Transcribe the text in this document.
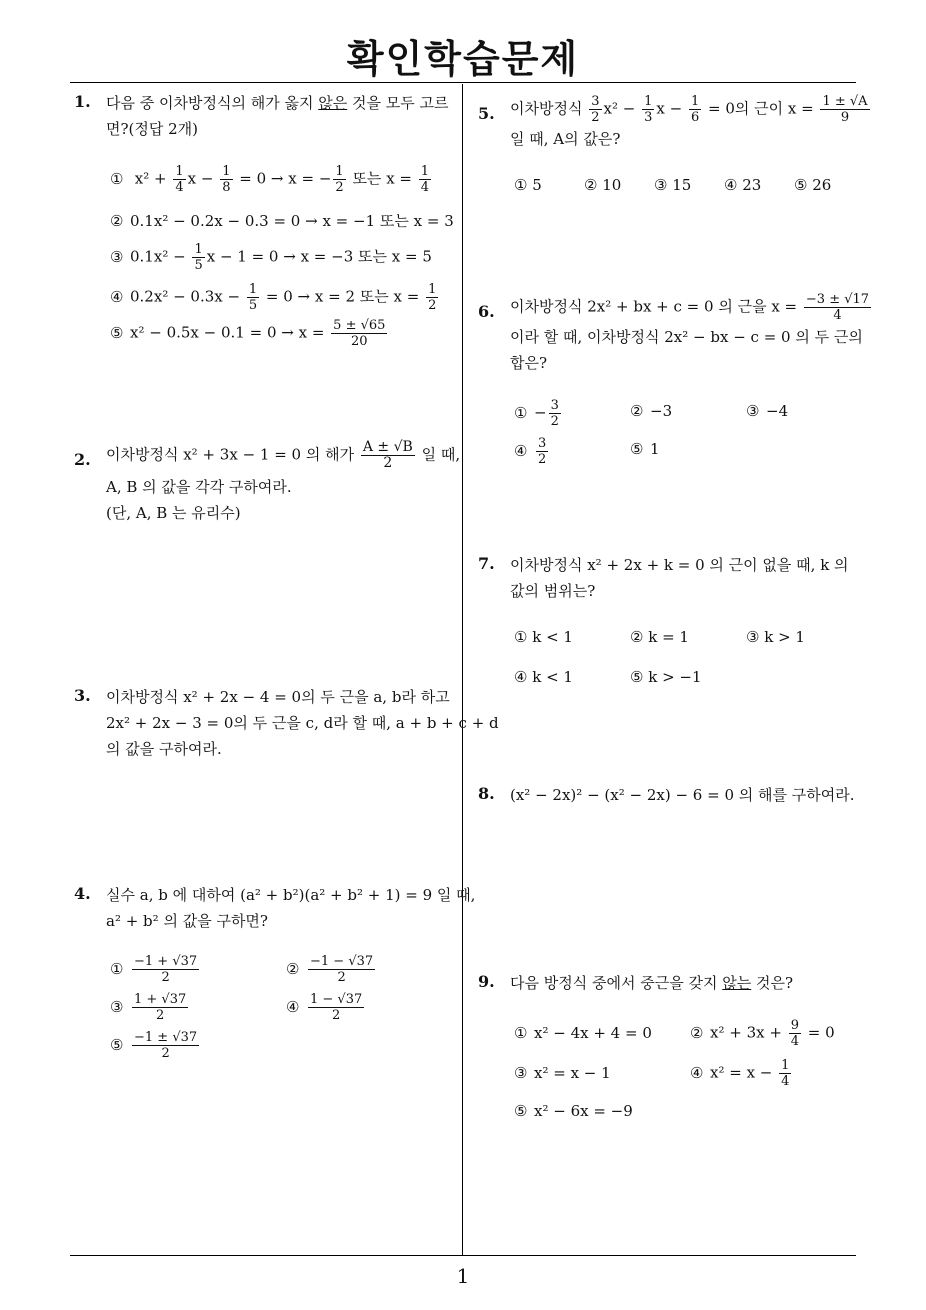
확인학습문제
1
1. 다음 중 이차방정식의 해가 옳지 않은 것을 모두 고르
면?(정답 2개)
① $x^2 + \frac{1}{4}$ $x - \frac{1}{8} = 0 \to x$ = − $\frac{1}{2}$ 또는 $x = \frac{1}{4}$
② 0.1x² − 0.2x − 0.3 = 0 → x = −1 또는 x = 3
③ $0.1x^2 - \frac{1}{5}$ x − 1 = 0 → x = −3 또는 x = 5
④ $0.2x^2 - 0.3x - \frac{1}{5} = 0 \to x = 2$ 또는 $x = \frac{1}{2}$
⑤ $x^2 - 0.5x - 0.1 = 0 \to x = \frac{5 \pm √65}{20}$
2. 이차방정식 x² + 3x − 1 = 0 의 해가 $\frac{A \pm √B}{2}$ 일 때,
A, B 의 값을 각각 구하여라.
(단, A, B 는 유리수)
3. 이차방정식 x² + 2x − 4 = 0의 두 근을 a, b라 하고
2x² + 2x − 3 = 0의 두 근을 c, d라 할 때, a + b + c + d
의 값을 구하여라.
4. 실수 a, b 에 대하여 (a² + b²)(a² + b² + 1) = 9 일 때,
a² + b² 의 값을 구하면?
① $\frac{-1 + √37}{2}$	② $\frac{-1 - √37}{2}$
③ $\frac{1 + √37}{2}$	④ $\frac{1 - √37}{2}$
⑤ $\frac{-1 \pm √37}{2}$
5. 이차방정식 $\frac{3}{2} x^2 - \frac{1}{3}$ $x - \frac{1}{6} = 0$의 근이 $x = \frac{1 \pm √A}{9}$
일 때, A의 값은?
① 5	② 10 ③ 15 ④ 23 ⑤ 26
6. 이차방정식 2x² + bx + c = 0 의 근을 $x = \frac{-3 \pm √17}{4}$
이라 할 때, 이차방정식 2x² − bx − c = 0 의 두 근의
합은?
① − $\frac{3}{2}$	② −3	③ −4
④ $\frac{3}{2}$	⑤ 1
7. 이차방정식 x² + 2x + k = 0 의 근이 없을 때, k 의
값의 범위는?
① k < 1	② k = 1	③ k > 1
④ k < 1	⑤ k > −1
8. (x² − 2x)² − (x² − 2x) − 6 = 0 의 해를 구하여라.
9. 다음 방정식 중에서 중근을 갖지 않는 것은?
① x² − 4x + 4 = 0	② $x^2 + 3x + \frac{9}{4} = 0$
③ x² = x − 1	④ $x^2 = x - \frac{1}{4}$
⑤ x² − 6x = −9
